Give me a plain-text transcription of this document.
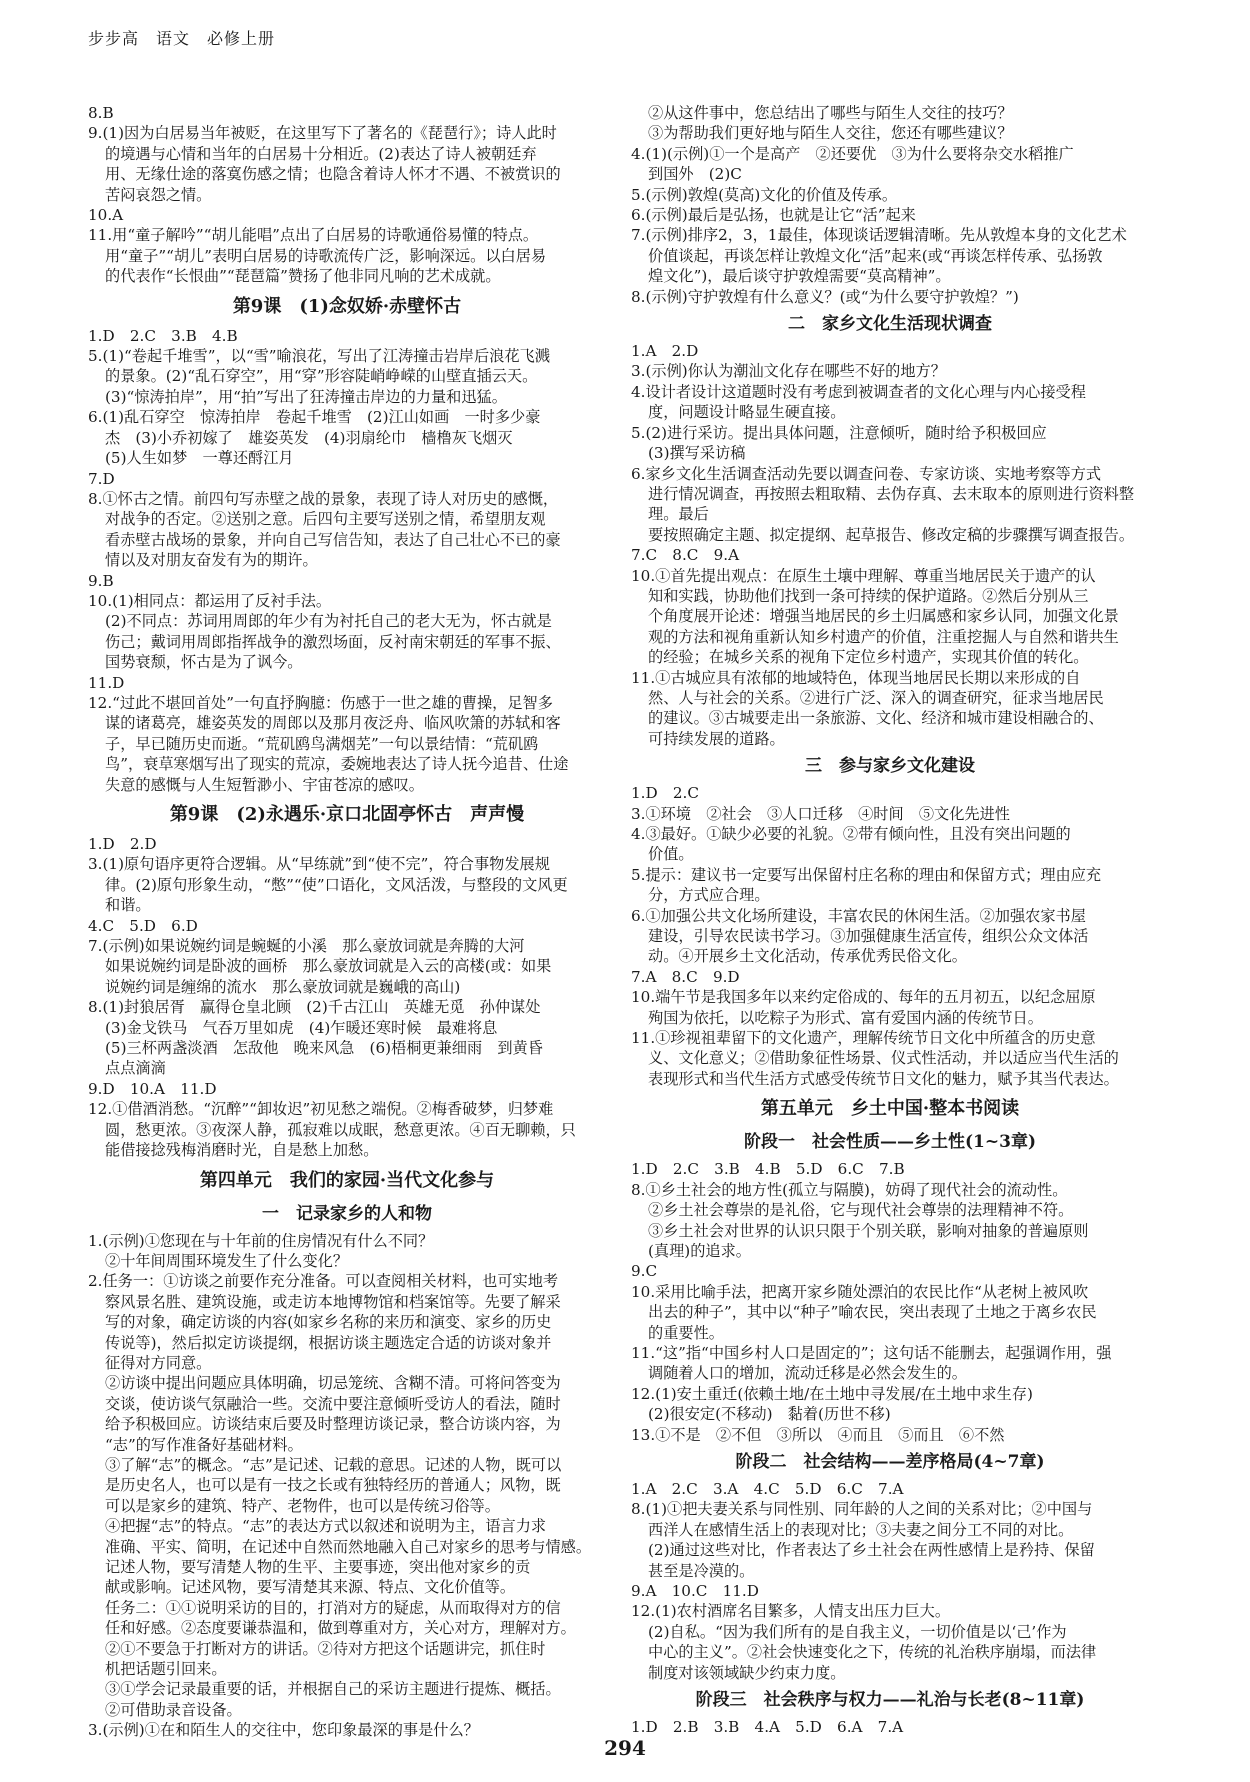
步步高　语文　必修上册
8.B
9.(1)因为白居易当年被贬，在这里写下了著名的《琵琶行》；诗人此时
的境遇与心情和当年的白居易十分相近。(2)表达了诗人被朝廷弃
用、无缘仕途的落寞伤感之情；也隐含着诗人怀才不遇、不被赏识的
苦闷哀怨之情。
10.A
11.用“童子解吟”“胡儿能唱”点出了白居易的诗歌通俗易懂的特点。
用“童子”“胡儿”表明白居易的诗歌流传广泛，影响深远。以白居易
的代表作“长恨曲”“琵琶篇”赞扬了他非同凡响的艺术成就。
第9课　(1)念奴娇·赤壁怀古
1.D　2.C　3.B　4.B
5.(1)“卷起千堆雪”，以“雪”喻浪花，写出了江涛撞击岩岸后浪花飞溅
的景象。(2)“乱石穿空”，用“穿”形容陡峭峥嵘的山壁直插云天。
(3)“惊涛拍岸”，用“拍”写出了狂涛撞击岸边的力量和迅猛。
6.(1)乱石穿空　惊涛拍岸　卷起千堆雪　(2)江山如画　一时多少豪
杰　(3)小乔初嫁了　雄姿英发　(4)羽扇纶巾　樯橹灰飞烟灭
(5)人生如梦　一尊还酹江月
7.D
8.①怀古之情。前四句写赤壁之战的景象，表现了诗人对历史的感慨，
对战争的否定。②送别之意。后四句主要写送别之情，希望朋友观
看赤壁古战场的景象，并向自己写信告知，表达了自己壮心不已的豪
情以及对朋友奋发有为的期许。
9.B
10.(1)相同点：都运用了反衬手法。
(2)不同点：苏词用周郎的年少有为衬托自己的老大无为，怀古就是
伤己；戴词用周郎指挥战争的激烈场面，反衬南宋朝廷的军事不振、
国势衰颓，怀古是为了讽今。
11.D
12.“过此不堪回首处”一句直抒胸臆：伤感于一世之雄的曹操，足智多
谋的诸葛亮，雄姿英发的周郎以及那月夜泛舟、临风吹箫的苏轼和客
子，早已随历史而逝。“荒矶鸥鸟满烟芜”一句以景结情：“荒矶鸥
鸟”，衰草寒烟写出了现实的荒凉，委婉地表达了诗人抚今追昔、仕途
失意的感慨与人生短暂渺小、宇宙苍凉的感叹。
第9课　(2)永遇乐·京口北固亭怀古　声声慢
1.D　2.D
3.(1)原句语序更符合逻辑。从“早练就”到“使不完”，符合事物发展规
律。(2)原句形象生动，“憋”“使”口语化，文风活泼，与整段的文风更
和谐。
4.C　5.D　6.D
7.(示例)如果说婉约词是蜿蜒的小溪　那么豪放词就是奔腾的大河
如果说婉约词是卧波的画桥　那么豪放词就是入云的高楼(或：如果
说婉约词是缠绵的流水　那么豪放词就是巍峨的高山)
8.(1)封狼居胥　赢得仓皇北顾　(2)千古江山　英雄无觅　孙仲谋处
(3)金戈铁马　气吞万里如虎　(4)乍暖还寒时候　最难将息
(5)三杯两盏淡酒　怎敌他　晚来风急　(6)梧桐更兼细雨　到黄昏
点点滴滴
9.D　10.A　11.D
12.①借酒消愁。“沉醉”“卸妆迟”初见愁之端倪。②梅香破梦，归梦难
圆，愁更浓。③夜深人静，孤寂难以成眠，愁意更浓。④百无聊赖，只
能借接捻残梅消磨时光，自是愁上加愁。
第四单元　我们的家园·当代文化参与
一　记录家乡的人和物
1.(示例)①您现在与十年前的住房情况有什么不同？
②十年间周围环境发生了什么变化？
2.任务一：①访谈之前要作充分准备。可以查阅相关材料，也可实地考
察风景名胜、建筑设施，或走访本地博物馆和档案馆等。先要了解采
写的对象，确定访谈的内容(如家乡名称的来历和演变、家乡的历史
传说等)，然后拟定访谈提纲，根据访谈主题选定合适的访谈对象并
征得对方同意。
②访谈中提出问题应具体明确，切忌笼统、含糊不清。可将问答变为
交谈，使访谈气氛融洽一些。交流中要注意倾听受访人的看法，随时
给予积极回应。访谈结束后要及时整理访谈记录，整合访谈内容，为
“志”的写作准备好基础材料。
③了解“志”的概念。“志”是记述、记载的意思。记述的人物，既可以
是历史名人，也可以是有一技之长或有独特经历的普通人；风物，既
可以是家乡的建筑、特产、老物件，也可以是传统习俗等。
④把握“志”的特点。“志”的表达方式以叙述和说明为主，语言力求
准确、平实、简明，在记述中自然而然地融入自己对家乡的思考与情感。
记述人物，要写清楚人物的生平、主要事迹，突出他对家乡的贡
献或影响。记述风物，要写清楚其来源、特点、文化价值等。
任务二：①①说明采访的目的，打消对方的疑虑，从而取得对方的信
任和好感。②态度要谦恭温和，做到尊重对方，关心对方，理解对方。
②①不要急于打断对方的讲话。②待对方把这个话题讲完，抓住时
机把话题引回来。
③①学会记录最重要的话，并根据自己的采访主题进行提炼、概括。
②可借助录音设备。
3.(示例)①在和陌生人的交往中，您印象最深的事是什么？
②从这件事中，您总结出了哪些与陌生人交往的技巧？
③为帮助我们更好地与陌生人交往，您还有哪些建议？
4.(1)(示例)①一个是高产　②还要优　③为什么要将杂交水稻推广
到国外　(2)C
5.(示例)敦煌(莫高)文化的价值及传承。
6.(示例)最后是弘扬，也就是让它“活”起来
7.(示例)排序2，3，1最佳，体现谈话逻辑清晰。先从敦煌本身的文化艺术
价值谈起，再谈怎样让敦煌文化“活”起来(或“再谈怎样传承、弘扬敦
煌文化”)，最后谈守护敦煌需要“莫高精神”。
8.(示例)守护敦煌有什么意义？(或“为什么要守护敦煌？”)
二　家乡文化生活现状调查
1.A　2.D
3.(示例)你认为潮汕文化存在哪些不好的地方？
4.设计者设计这道题时没有考虑到被调查者的文化心理与内心接受程
度，问题设计略显生硬直接。
5.(2)进行采访。提出具体问题，注意倾听，随时给予积极回应
(3)撰写采访稿
6.家乡文化生活调查活动先要以调查问卷、专家访谈、实地考察等方式
进行情况调查，再按照去粗取精、去伪存真、去末取本的原则进行资料整理。最后
要按照确定主题、拟定提纲、起草报告、修改定稿的步骤撰写调查报告。
7.C　8.C　9.A
10.①首先提出观点：在原生土壤中理解、尊重当地居民关于遗产的认
知和实践，协助他们找到一条可持续的保护道路。②然后分别从三
个角度展开论述：增强当地居民的乡土归属感和家乡认同，加强文化景
观的方法和视角重新认知乡村遗产的价值，注重挖掘人与自然和谐共生
的经验；在城乡关系的视角下定位乡村遗产，实现其价值的转化。
11.①古城应具有浓郁的地域特色，体现当地居民长期以来形成的自
然、人与社会的关系。②进行广泛、深入的调查研究，征求当地居民
的建议。③古城要走出一条旅游、文化、经济和城市建设相融合的、
可持续发展的道路。
三　参与家乡文化建设
1.D　2.C
3.①环境　②社会　③人口迁移　④时间　⑤文化先进性
4.③最好。①缺少必要的礼貌。②带有倾向性，且没有突出问题的
价值。
5.提示：建议书一定要写出保留村庄名称的理由和保留方式；理由应充
分，方式应合理。
6.①加强公共文化场所建设，丰富农民的休闲生活。②加强农家书屋
建设，引导农民读书学习。③加强健康生活宣传，组织公众文体活
动。④开展乡土文化活动，传承优秀民俗文化。
7.A　8.C　9.D
10.端午节是我国多年以来约定俗成的、每年的五月初五，以纪念屈原
殉国为依托，以吃粽子为形式、富有爱国内涵的传统节日。
11.①珍视祖辈留下的文化遗产，理解传统节日文化中所蕴含的历史意
义、文化意义；②借助象征性场景、仪式性活动，并以适应当代生活的
表现形式和当代生活方式感受传统节日文化的魅力，赋予其当代表达。
第五单元　乡土中国·整本书阅读
阶段一　社会性质——乡土性(1~3章)
1.D　2.C　3.B　4.B　5.D　6.C　7.B
8.①乡土社会的地方性(孤立与隔膜)，妨碍了现代社会的流动性。
②乡土社会尊崇的是礼俗，它与现代社会尊崇的法理精神不符。
③乡土社会对世界的认识只限于个别关联，影响对抽象的普遍原则
(真理)的追求。
9.C
10.采用比喻手法，把离开家乡随处漂泊的农民比作“从老树上被风吹
出去的种子”，其中以“种子”喻农民，突出表现了土地之于离乡农民
的重要性。
11.“这”指“中国乡村人口是固定的”；这句话不能删去，起强调作用，强
调随着人口的增加，流动迁移是必然会发生的。
12.(1)安土重迁(依赖土地/在土地中寻发展/在土地中求生存)
(2)很安定(不移动)　黏着(历世不移)
13.①不是　②不但　③所以　④而且　⑤而且　⑥不然
阶段二　社会结构——差序格局(4~7章)
1.A　2.C　3.A　4.C　5.D　6.C　7.A
8.(1)①把夫妻关系与同性别、同年龄的人之间的关系对比；②中国与
西洋人在感情生活上的表现对比；③夫妻之间分工不同的对比。
(2)通过这些对比，作者表达了乡土社会在两性感情上是矜持、保留
甚至是冷漠的。
9.A　10.C　11.D
12.(1)农村酒席名目繁多，人情支出压力巨大。
(2)自私。“因为我们所有的是自我主义，一切价值是以‘己’作为
中心的主义”。②社会快速变化之下，传统的礼治秩序崩塌，而法律
制度对该领域缺少约束力度。
阶段三　社会秩序与权力——礼治与长老(8~11章)
1.D　2.B　3.B　4.A　5.D　6.A　7.A
294
